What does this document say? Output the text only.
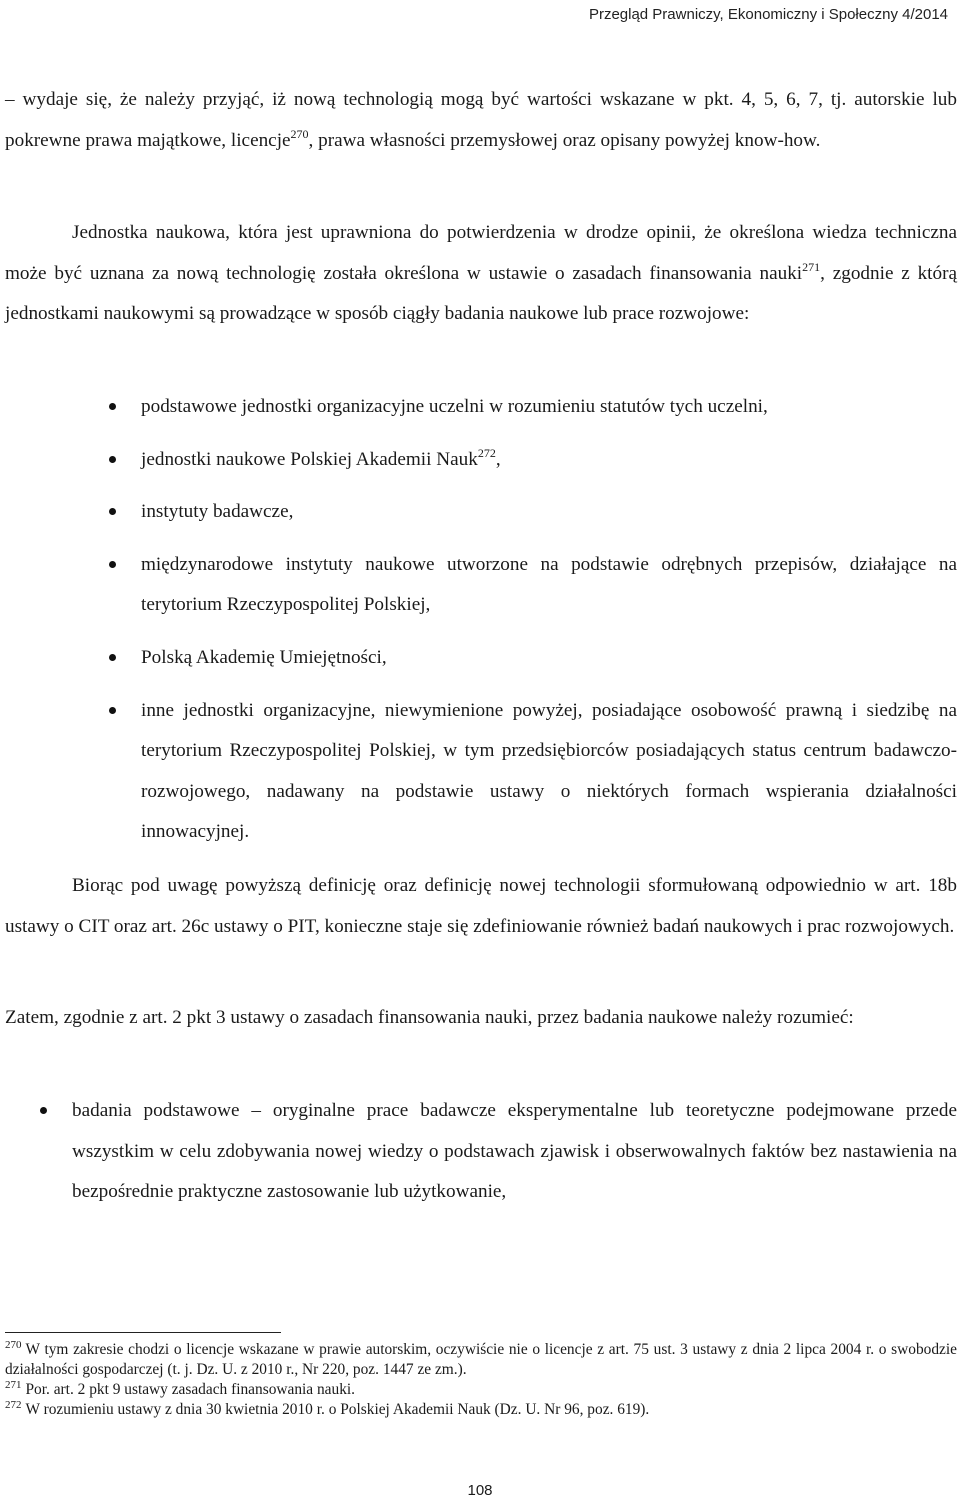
Przegląd Prawniczy, Ekonomiczny i Społeczny 4/2014

– wydaje się, że należy przyjąć, iż nową technologią mogą być wartości wskazane w pkt. 4, 5, 6, 7, tj. autorskie lub pokrewne prawa majątkowe, licencje$^{270}$, prawa własności przemysłowej oraz opisany powyżej know-how.

Jednostka naukowa, która jest uprawniona do potwierdzenia w drodze opinii, że określona wiedza techniczna może być uznana za nową technologię została określona w ustawie o zasadach finansowania nauki$^{271}$, zgodnie z którą jednostkami naukowymi są prowadzące w sposób ciągły badania naukowe lub prace rozwojowe:

podstawowe jednostki organizacyjne uczelni w rozumieniu statutów tych uczelni,
jednostki naukowe Polskiej Akademii Nauk$^{272}$,
instytuty badawcze,
międzynarodowe instytuty naukowe utworzone na podstawie odrębnych przepisów, działające na terytorium Rzeczypospolitej Polskiej,
Polską Akademię Umiejętności,
inne jednostki organizacyjne, niewymienione powyżej, posiadające osobowość prawną i siedzibę na terytorium Rzeczypospolitej Polskiej, w tym przedsiębiorców posiadających status centrum badawczo-rozwojowego, nadawany na podstawie ustawy o niektórych formach wspierania działalności innowacyjnej.

Biorąc pod uwagę powyższą definicję oraz definicję nowej technologii sformułowaną odpowiednio w art. 18b ustawy o CIT oraz art. 26c ustawy o PIT, konieczne staje się zdefiniowanie również badań naukowych i prac rozwojowych.

Zatem, zgodnie z art. 2 pkt 3 ustawy o zasadach finansowania nauki, przez badania naukowe należy rozumieć:

badania podstawowe – oryginalne prace badawcze eksperymentalne lub teoretyczne podejmowane przede wszystkim w celu zdobywania nowej wiedzy o podstawach zjawisk i obserwowalnych faktów bez nastawienia na bezpośrednie praktyczne zastosowanie lub użytkowanie,
$^{270}$ W tym zakresie chodzi o licencje wskazane w prawie autorskim, oczywiście nie o licencje z art. 75 ust. 3 ustawy z dnia 2 lipca 2004 r. o swobodzie działalności gospodarczej (t. j. Dz. U. z 2010 r., Nr 220, poz. 1447 ze zm.).
$^{271}$ Por. art. 2 pkt 9 ustawy zasadach finansowania nauki.
$^{272}$ W rozumieniu ustawy z dnia 30 kwietnia 2010 r. o Polskiej Akademii Nauk (Dz. U. Nr 96, poz. 619).
108
